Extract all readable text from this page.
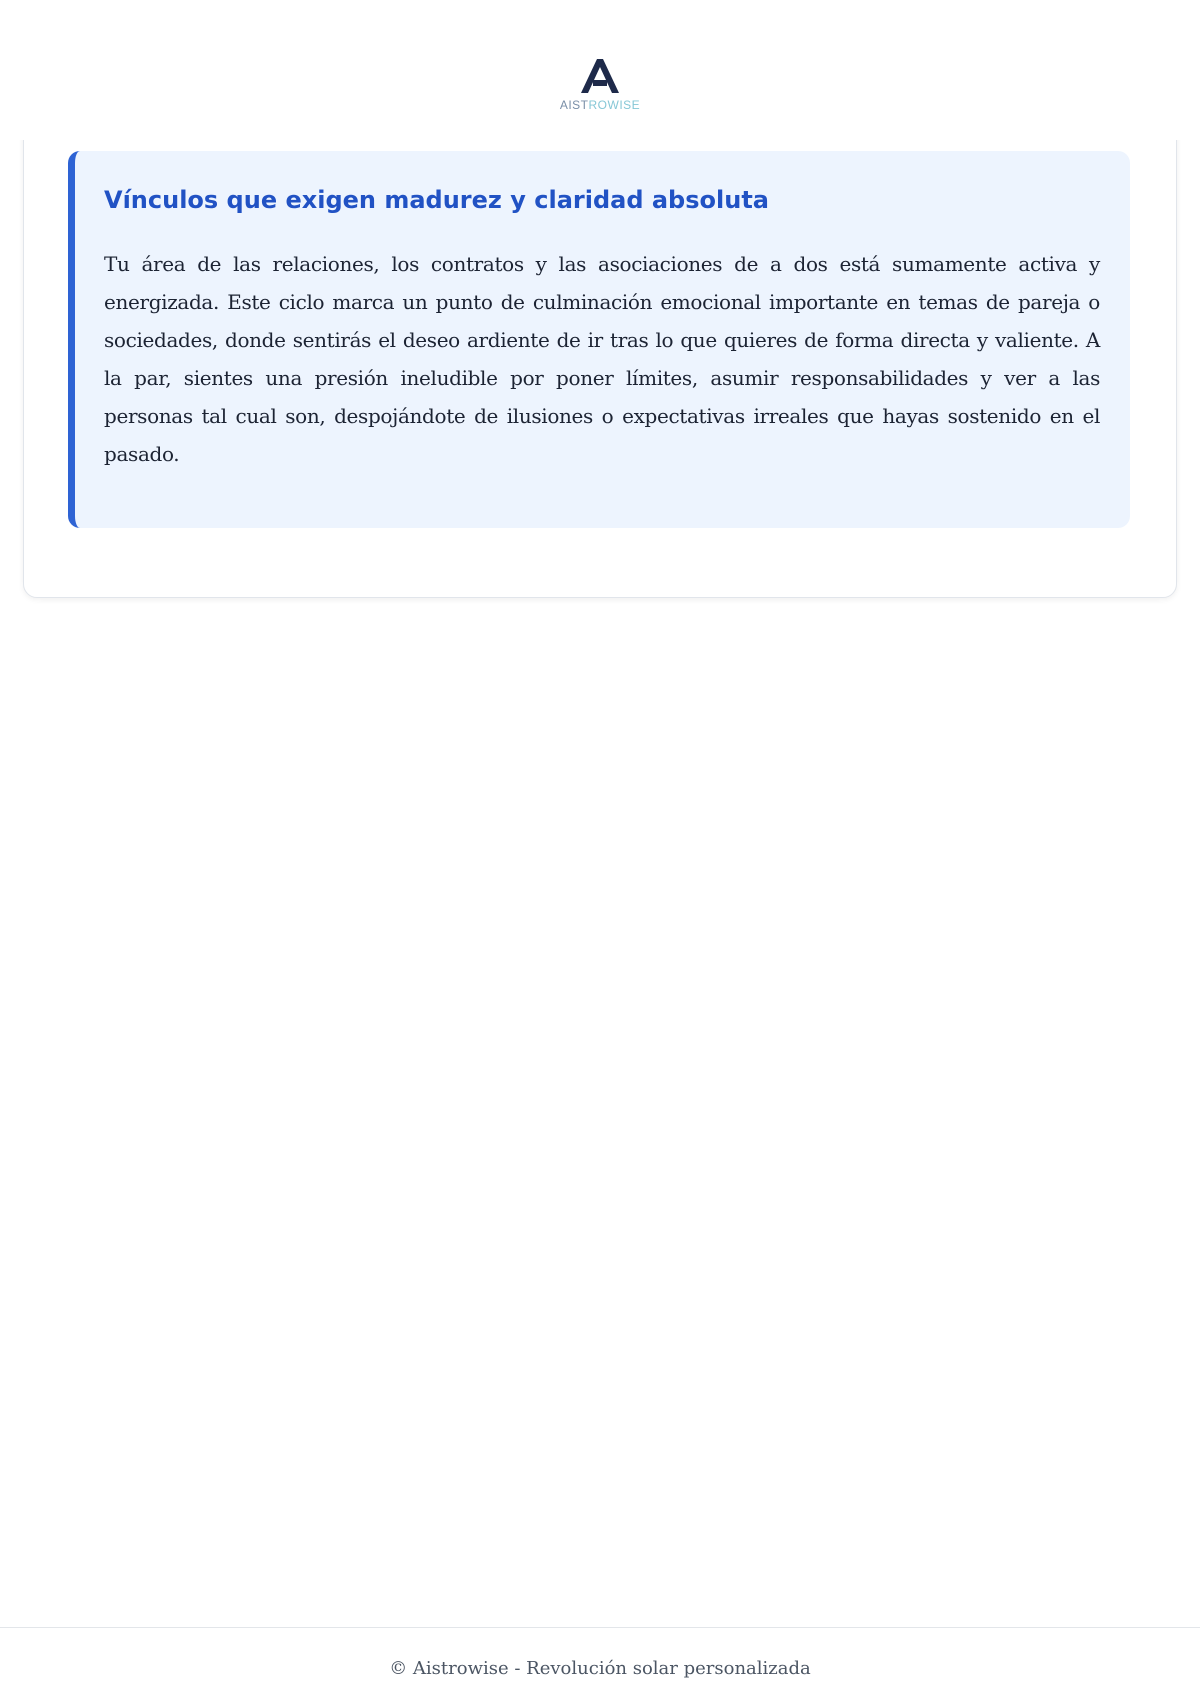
AISTROWISE
Vínculos que exigen madurez y claridad absoluta

Tu área de las relaciones, los contratos y las asociaciones de a dos está sumamente activa y energizada. Este ciclo marca un punto de culminación emocional importante en temas de pareja o sociedades, donde sentirás el deseo ardiente de ir tras lo que quieres de forma directa y valiente. A la par, sientes una presión ineludible por poner límites, asumir responsabilidades y ver a las personas tal cual son, despojándote de ilusiones o expectativas irreales que hayas sostenido en el pasado.

© Aistrowise - Revolución solar personalizada
